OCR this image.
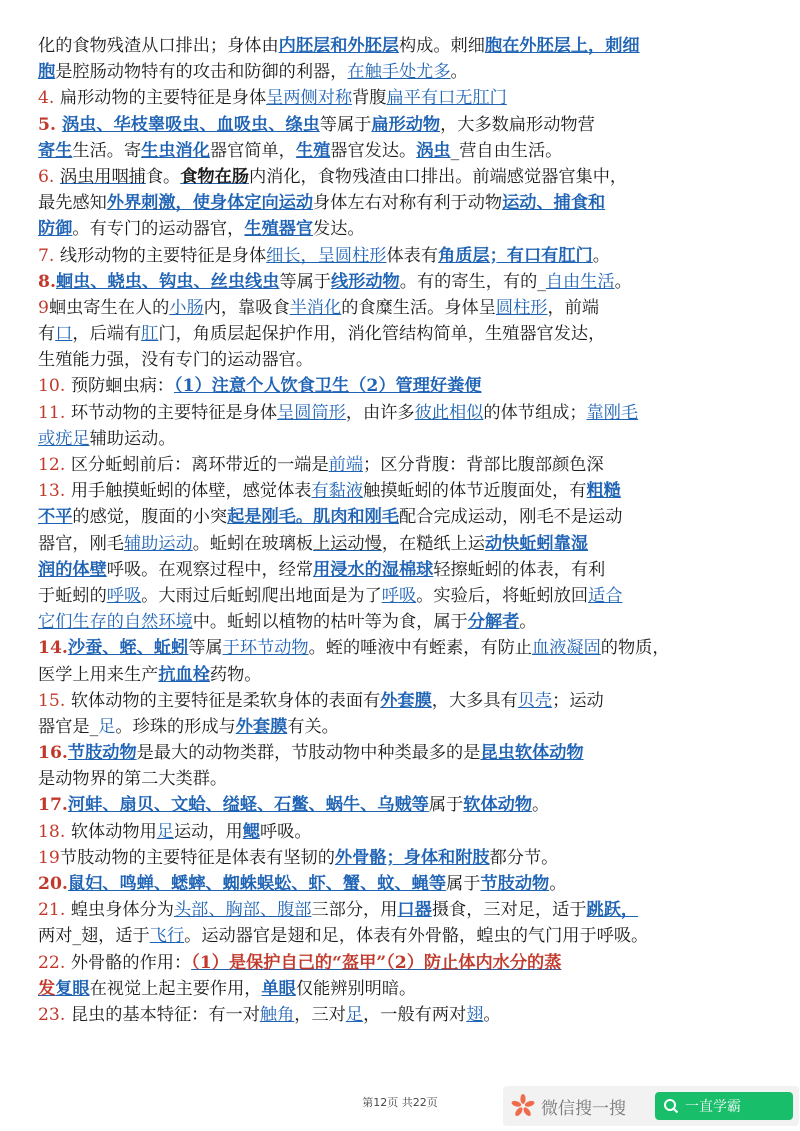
化的食物残渣从口排出；身体由内胚层和外胚层构成。刺细胞在外胚层上，刺细
胞是腔肠动物特有的攻击和防御的利器，在触手处尤多。
4. 扁形动物的主要特征是身体呈两侧对称背腹扁平有口无肛门
5. 涡虫、华枝睾吸虫、血吸虫、绦虫等属于扁形动物，大多数扁形动物营
寄生生活。寄生虫消化器官简单，生殖器官发达。涡虫_营自由生活。
6. 涡虫用咽捕食。食物在肠内消化，食物残渣由口排出。前端感觉器官集中，
最先感知外界刺激，使身体定向运动身体左右对称有利于动物运动、捕食和
防御。有专门的运动器官，生殖器官发达。
7. 线形动物的主要特征是身体细长，呈圆柱形体表有角质层；有口有肛门。
8.蛔虫、蛲虫、钩虫、丝虫线虫等属于线形动物。有的寄生，有的_自由生活。
9蛔虫寄生在人的小肠内，靠吸食半消化的食糜生活。身体呈圆柱形，前端
有口，后端有肛门，角质层起保护作用，消化管结构简单，生殖器官发达，
生殖能力强，没有专门的运动器官。
10. 预防蛔虫病：（1）注意个人饮食卫生（2）管理好粪便
11. 环节动物的主要特征是身体呈圆筒形，由许多彼此相似的体节组成；靠刚毛
或疣足辅助运动。
12. 区分蚯蚓前后：离环带近的一端是前端；区分背腹：背部比腹部颜色深
13. 用手触摸蚯蚓的体壁，感觉体表有黏液触摸蚯蚓的体节近腹面处，有粗糙
不平的感觉，腹面的小突起是刚毛。肌肉和刚毛配合完成运动，刚毛不是运动
器官，刚毛辅助运动。蚯蚓在玻璃板上运动慢，在糙纸上运动快蚯蚓靠湿
润的体壁呼吸。在观察过程中，经常用浸水的湿棉球轻擦蚯蚓的体表，有利
于蚯蚓的呼吸。大雨过后蚯蚓爬出地面是为了呼吸。实验后，将蚯蚓放回适合
它们生存的自然环境中。蚯蚓以植物的枯叶等为食，属于分解者。
14.沙蚕、蛭、蚯蚓等属于环节动物。蛭的唾液中有蛭素，有防止血液凝固的物质，
医学上用来生产抗血栓药物。
15. 软体动物的主要特征是柔软身体的表面有外套膜，大多具有贝壳；运动
器官是_足。珍珠的形成与外套膜有关。
16.节肢动物是最大的动物类群，节肢动物中种类最多的是昆虫软体动物
是动物界的第二大类群。
17.河蚌、扇贝、文蛤、缢蛏、石鳖、蜗牛、乌贼等属于软体动物。
18. 软体动物用足运动，用鳃呼吸。
19节肢动物的主要特征是体表有坚韧的外骨骼；身体和附肢都分节。
20.鼠妇、鸣蝉、蟋蟀、蜘蛛蜈蚣、虾、蟹、蚊、蝇等属于节肢动物。
21. 蝗虫身体分为头部、胸部、腹部三部分，用口器摄食，三对足，适于跳跃，
两对_翅，适于飞行。运动器官是翅和足，体表有外骨骼，蝗虫的气门用于呼吸。
22. 外骨骼的作用：（1）是保护自己的“盔甲”（2）防止体内水分的蒸
发复眼在视觉上起主要作用，单眼仅能辨别明暗。
23. 昆虫的基本特征：有一对触角，三对足，一般有两对翅。
第12页 共22页	微信搜一搜	一直学霸
